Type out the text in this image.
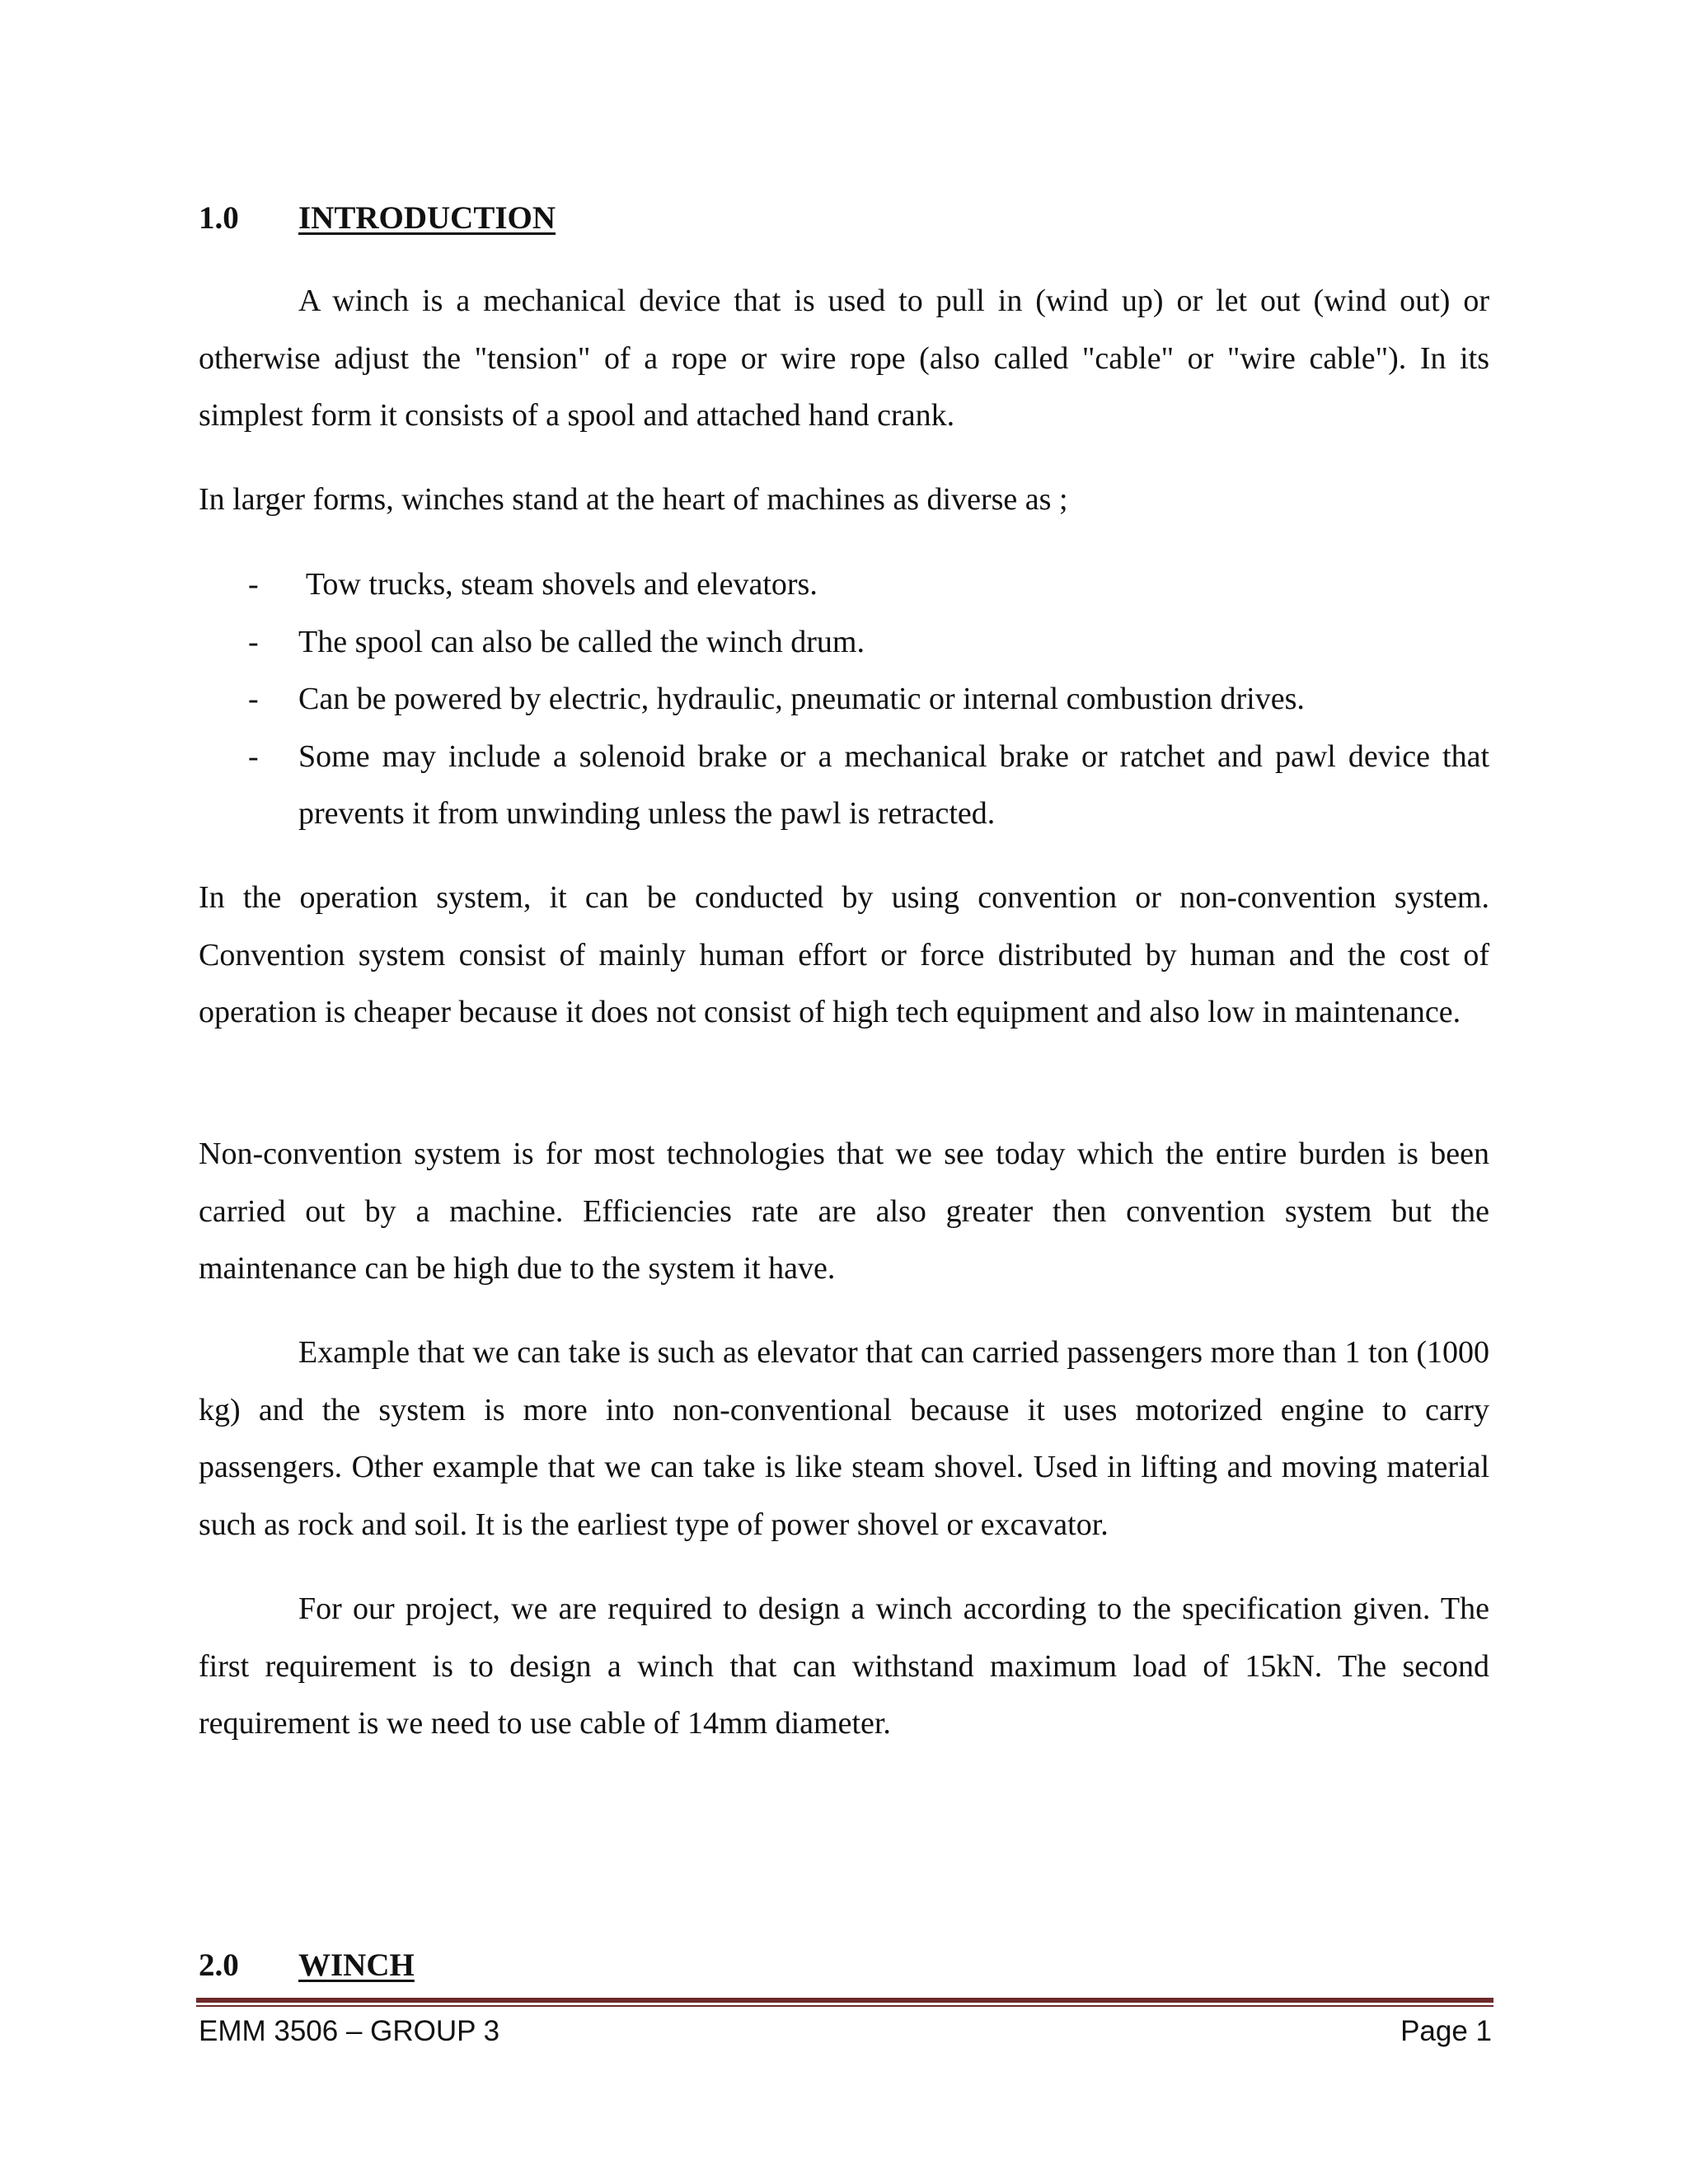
1.0 INTRODUCTION

A winch is a mechanical device that is used to pull in (wind up) or let out (wind out) or otherwise adjust the "tension" of a rope or wire rope (also called "cable" or "wire cable"). In its simplest form it consists of a spool and attached hand crank.

In larger forms, winches stand at the heart of machines as diverse as ;

- Tow trucks, steam shovels and elevators.
- The spool can also be called the winch drum.
- Can be powered by electric, hydraulic, pneumatic or internal combustion drives.
- Some may include a solenoid brake or a mechanical brake or ratchet and pawl device that prevents it from unwinding unless the pawl is retracted.

In the operation system, it can be conducted by using convention or non-convention system. Convention system consist of mainly human effort or force distributed by human and the cost of operation is cheaper because it does not consist of high tech equipment and also low in maintenance.

Non-convention system is for most technologies that we see today which the entire burden is been carried out by a machine. Efficiencies rate are also greater then convention system but the maintenance can be high due to the system it have.

Example that we can take is such as elevator that can carried passengers more than 1 ton (1000 kg) and the system is more into non-conventional because it uses motorized engine to carry passengers. Other example that we can take is like steam shovel. Used in lifting and moving material such as rock and soil. It is the earliest type of power shovel or excavator.

For our project, we are required to design a winch according to the specification given. The first requirement is to design a winch that can withstand maximum load of 15kN. The second requirement is we need to use cable of 14mm diameter.

2.0 WINCH
EMM 3506 – GROUP 3	Page 1
